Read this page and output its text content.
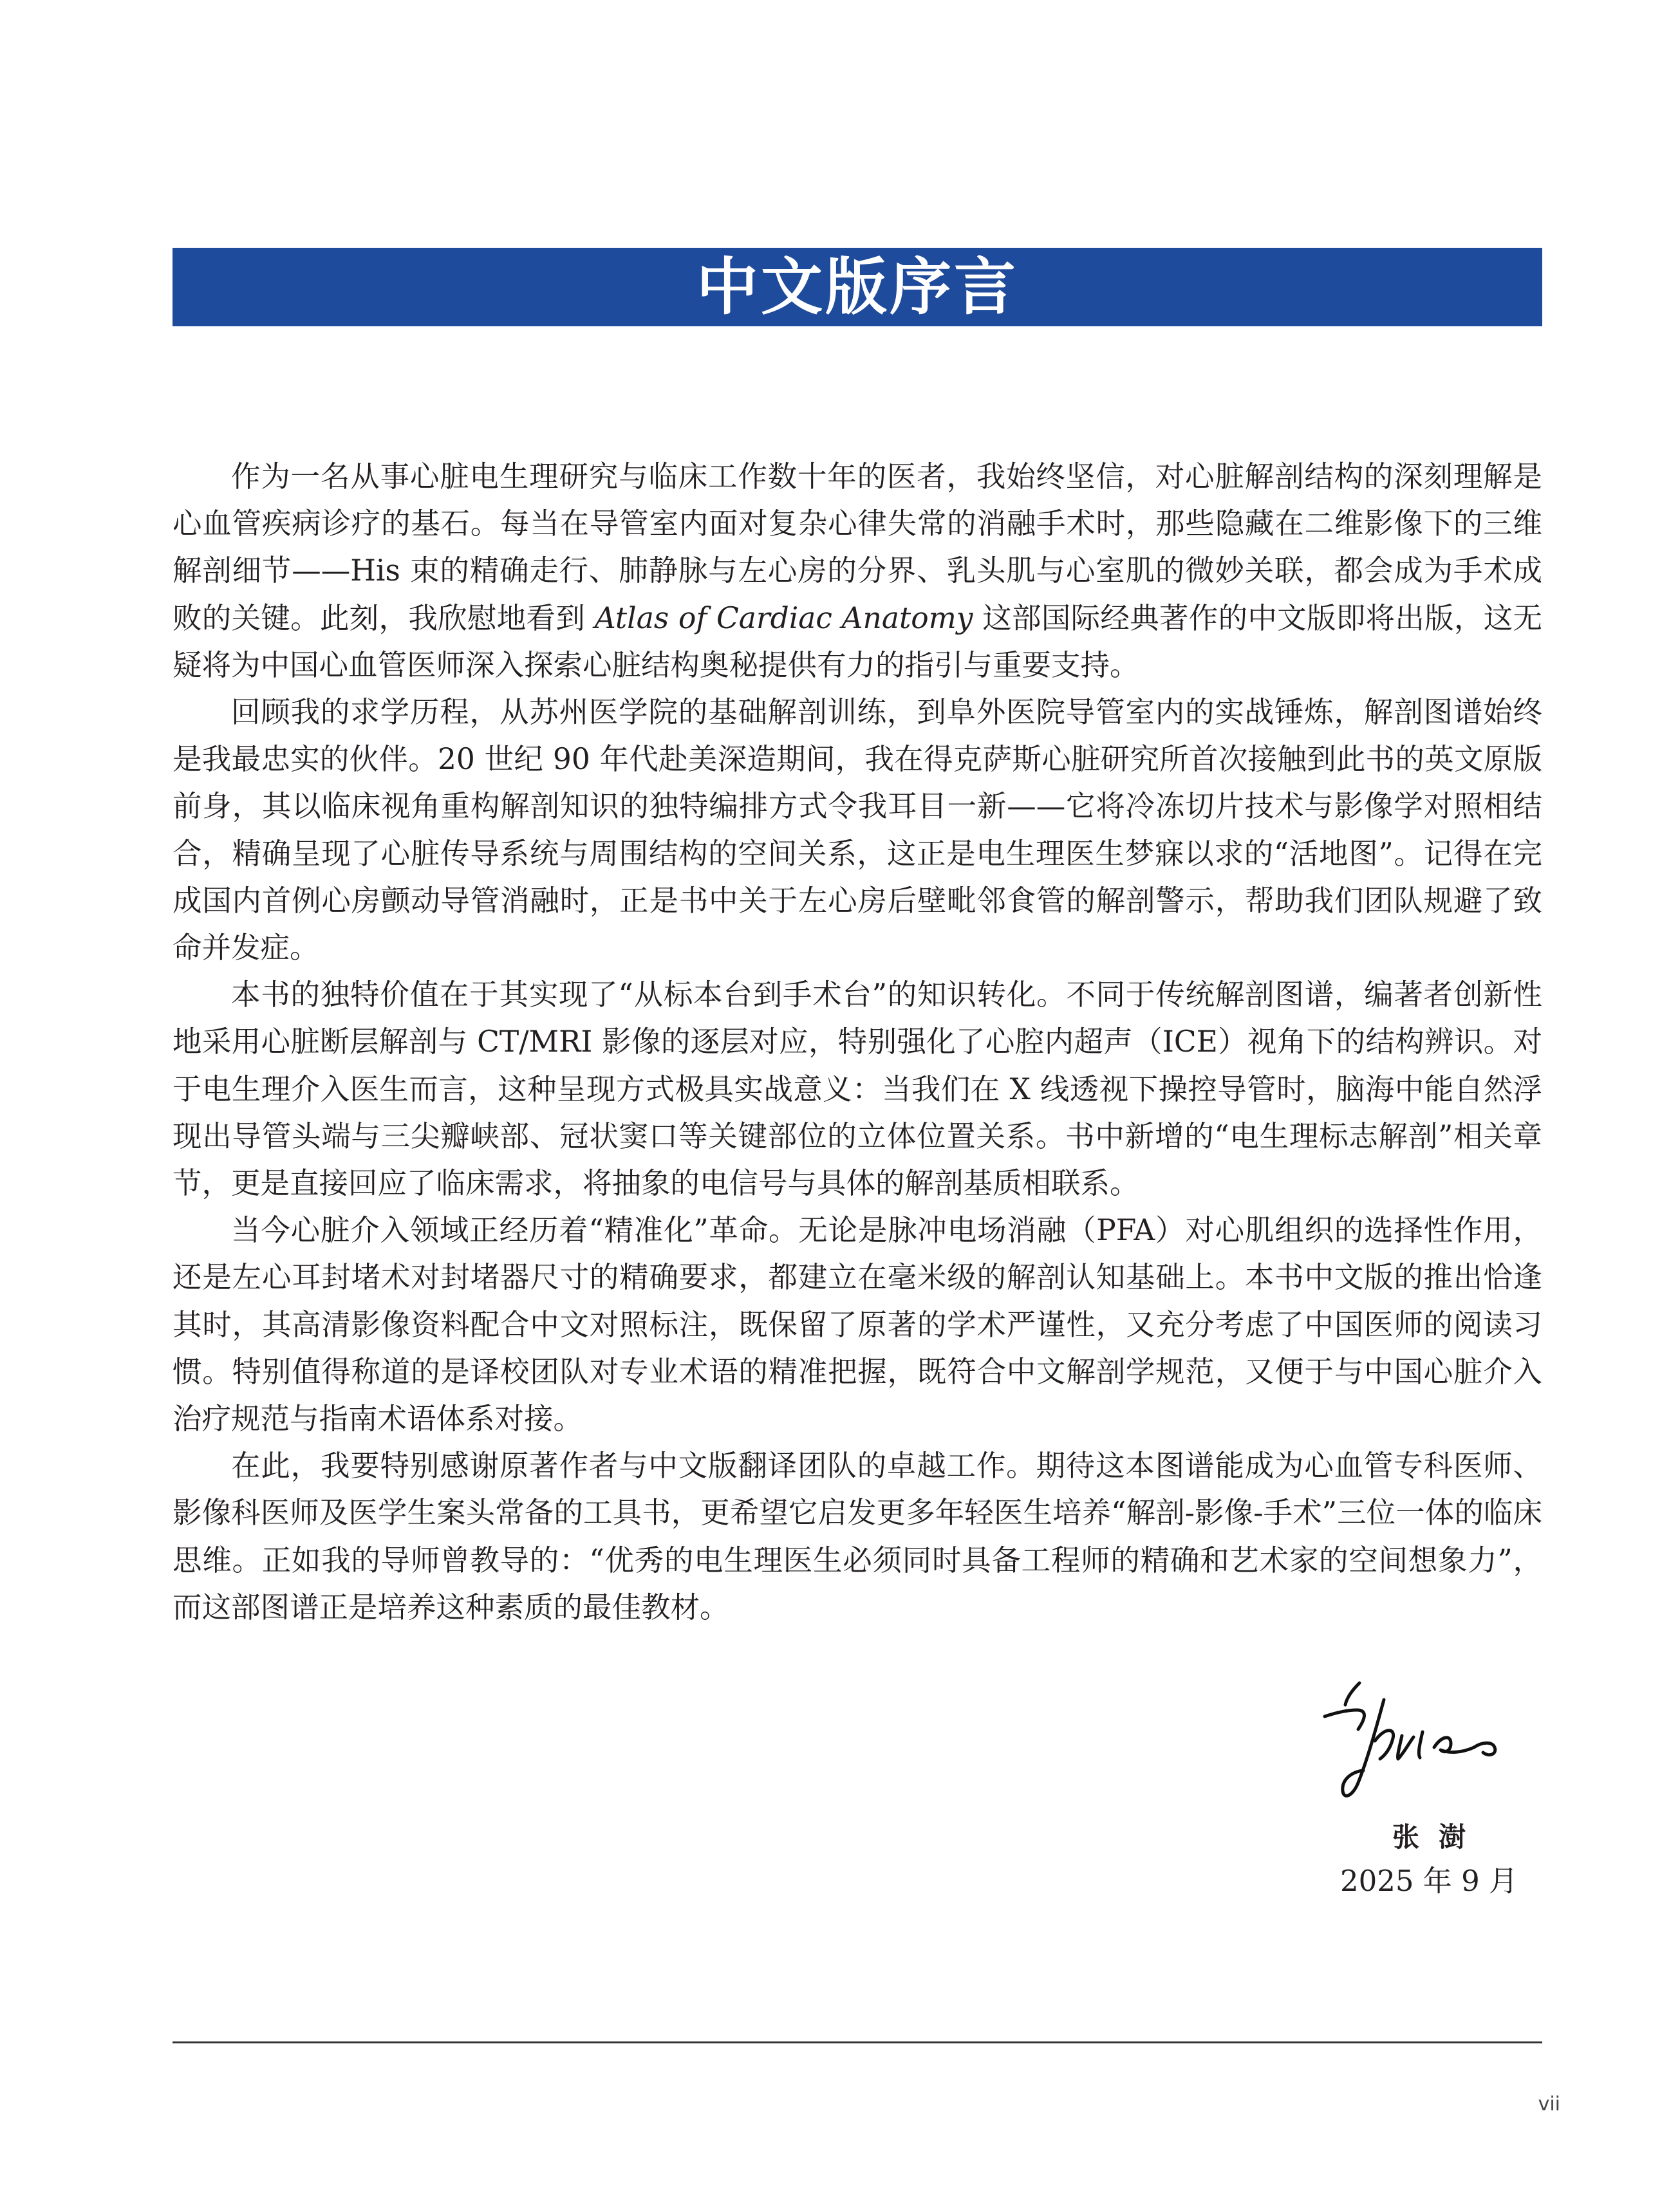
中文版序言

作为一名从事心脏电生理研究与临床工作数十年的医者，我始终坚信，对心脏解剖结构的深刻理解是心血管疾病诊疗的基石。每当在导管室内面对复杂心律失常的消融手术时，那些隐藏在二维影像下的三维解剖细节——His 束的精确走行、肺静脉与左心房的分界、乳头肌与心室肌的微妙关联，都会成为手术成败的关键。此刻，我欣慰地看到 Atlas of Cardiac Anatomy 这部国际经典著作的中文版即将出版，这无疑将为中国心血管医师深入探索心脏结构奥秘提供有力的指引与重要支持。

回顾我的求学历程，从苏州医学院的基础解剖训练，到阜外医院导管室内的实战锤炼，解剖图谱始终是我最忠实的伙伴。20 世纪 90 年代赴美深造期间，我在得克萨斯心脏研究所首次接触到此书的英文原版前身，其以临床视角重构解剖知识的独特编排方式令我耳目一新——它将冷冻切片技术与影像学对照相结合，精确呈现了心脏传导系统与周围结构的空间关系，这正是电生理医生梦寐以求的“活地图”。记得在完成国内首例心房颤动导管消融时，正是书中关于左心房后壁毗邻食管的解剖警示，帮助我们团队规避了致命并发症。

本书的独特价值在于其实现了“从标本台到手术台”的知识转化。不同于传统解剖图谱，编著者创新性地采用心脏断层解剖与 CT/MRI 影像的逐层对应，特别强化了心腔内超声（ICE）视角下的结构辨识。对于电生理介入医生而言，这种呈现方式极具实战意义：当我们在 X 线透视下操控导管时，脑海中能自然浮现出导管头端与三尖瓣峡部、冠状窦口等关键部位的立体位置关系。书中新增的“电生理标志解剖”相关章节，更是直接回应了临床需求，将抽象的电信号与具体的解剖基质相联系。

当今心脏介入领域正经历着“精准化”革命。无论是脉冲电场消融（PFA）对心肌组织的选择性作用，还是左心耳封堵术对封堵器尺寸的精确要求，都建立在毫米级的解剖认知基础上。本书中文版的推出恰逢其时，其高清影像资料配合中文对照标注，既保留了原著的学术严谨性，又充分考虑了中国医师的阅读习惯。特别值得称道的是译校团队对专业术语的精准把握，既符合中文解剖学规范，又便于与中国心脏介入治疗规范与指南术语体系对接。

在此，我要特别感谢原著作者与中文版翻译团队的卓越工作。期待这本图谱能成为心血管专科医师、影像科医师及医学生案头常备的工具书，更希望它启发更多年轻医生培养“解剖-影像-手术”三位一体的临床思维。正如我的导师曾教导的：“优秀的电生理医生必须同时具备工程师的精确和艺术家的空间想象力”，而这部图谱正是培养这种素质的最佳教材。

张澍
2025 年 9 月
vii
